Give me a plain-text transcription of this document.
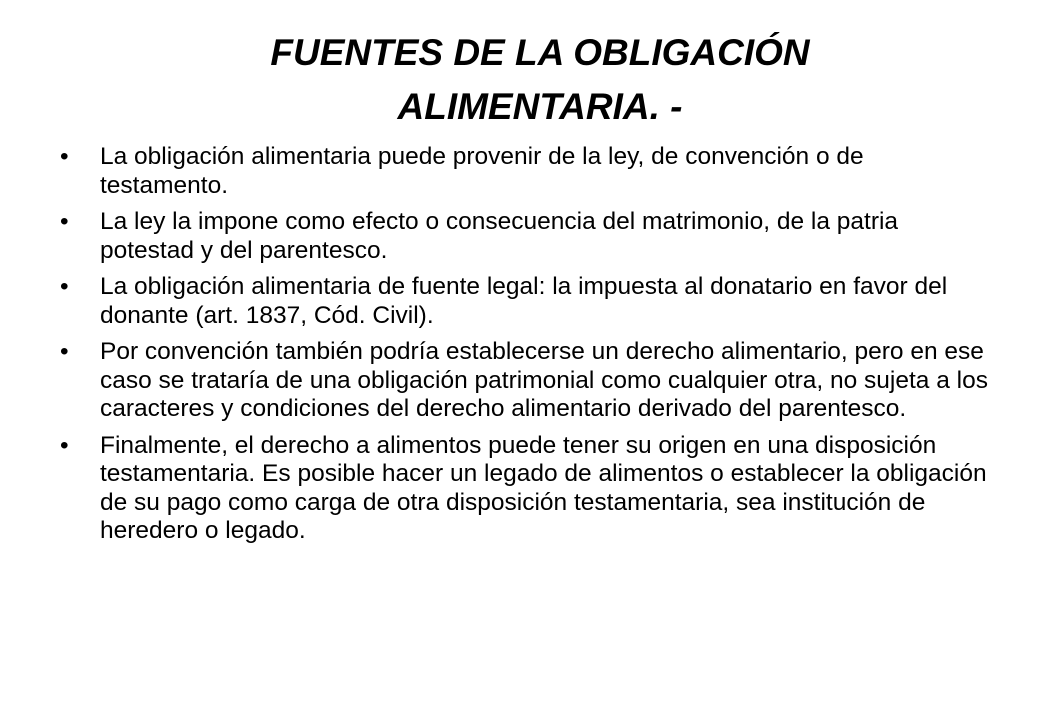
FUENTES DE LA OBLIGACIÓN
ALIMENTARIA. -
•	La obligación alimentaria puede provenir de la ley, de convención o de testamento.
•	La ley la impone como efecto o consecuencia del matrimonio, de la patria potestad y del parentesco.
•	La obligación alimentaria de fuente legal: la impuesta al donatario en favor del donante (art. 1837, Cód. Civil).
•	Por convención también podría establecerse un derecho alimentario, pero en ese caso se trataría de una obligación patrimonial como cualquier otra, no sujeta a los caracteres y condiciones del derecho alimentario derivado del parentesco.
•	Finalmente, el derecho a alimentos puede tener su origen en una disposición testamentaria. Es posible hacer un legado de alimentos o establecer la obligación de su pago como carga de otra disposición testamentaria, sea institución de heredero o legado.
